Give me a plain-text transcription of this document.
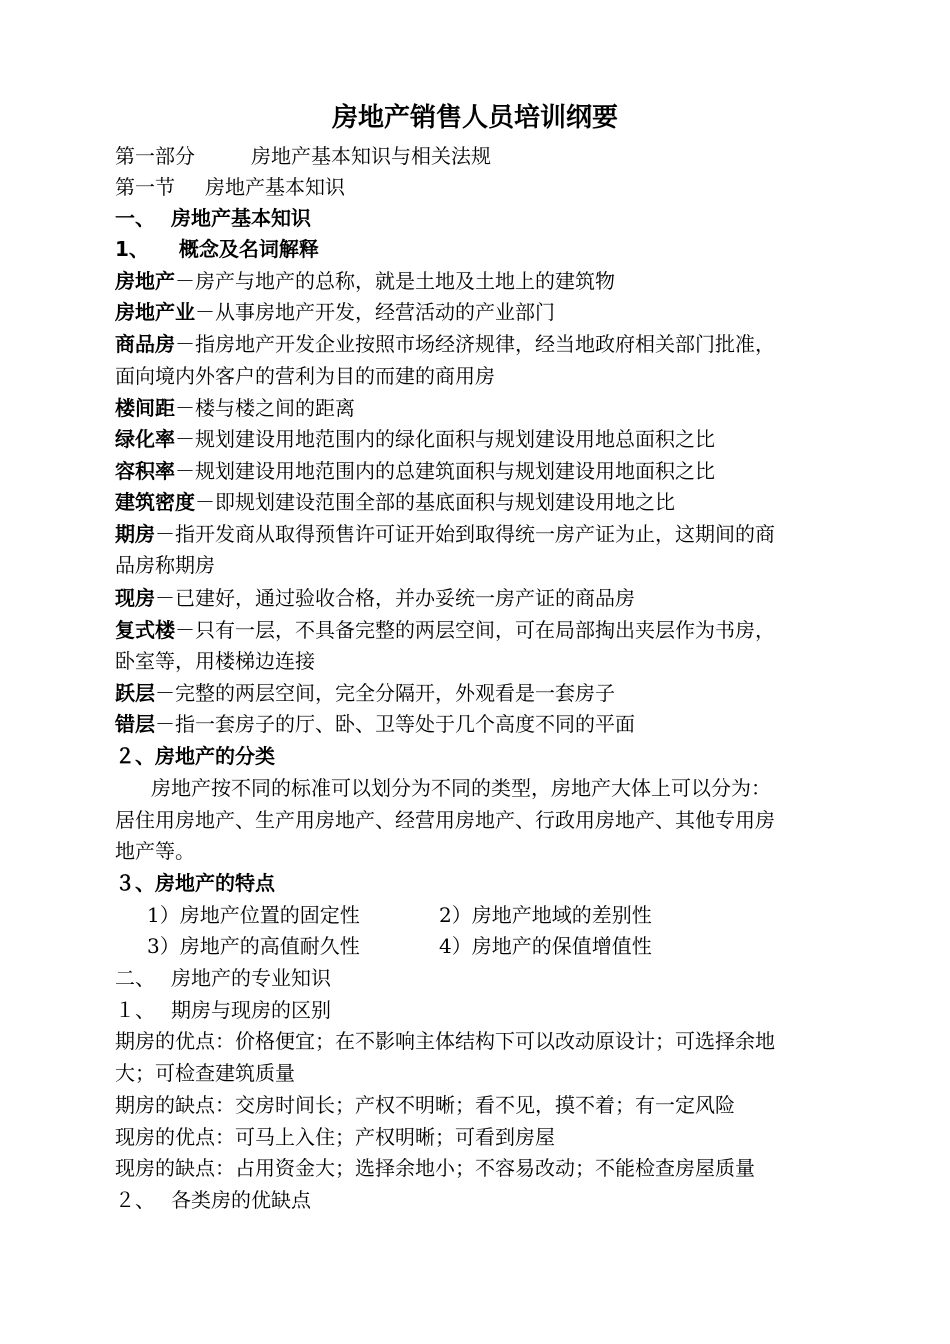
房地产销售人员培训纲要
第一部分	房地产基本知识与相关法规
第一节 房地产基本知识
一、 房地产基本知识
1、 概念及名词解释
房地产－房产与地产的总称，就是土地及土地上的建筑物
房地产业－从事房地产开发，经营活动的产业部门
商品房－指房地产开发企业按照市场经济规律，经当地政府相关部门批准，
面向境内外客户的营利为目的而建的商用房
楼间距－楼与楼之间的距离
绿化率－规划建设用地范围内的绿化面积与规划建设用地总面积之比
容积率－规划建设用地范围内的总建筑面积与规划建设用地面积之比
建筑密度－即规划建设范围全部的基底面积与规划建设用地之比
期房－指开发商从取得预售许可证开始到取得统一房产证为止，这期间的商
品房称期房
现房－已建好，通过验收合格，并办妥统一房产证的商品房
复式楼－只有一层，不具备完整的两层空间，可在局部掏出夹层作为书房，
卧室等，用楼梯边连接
跃层－完整的两层空间，完全分隔开，外观看是一套房子
错层－指一套房子的厅、卧、卫等处于几个高度不同的平面
２、房地产的分类
房地产按不同的标准可以划分为不同的类型，房地产大体上可以分为：
居住用房地产、生产用房地产、经营用房地产、行政用房地产、其他专用房
地产等。
３、房地产的特点
1）房地产位置的固定性	2）房地产地域的差别性
3）房地产的高值耐久性	4）房地产的保值增值性
二、 房地产的专业知识
１、 期房与现房的区别
期房的优点：价格便宜；在不影响主体结构下可以改动原设计；可选择余地
大；可检查建筑质量
期房的缺点：交房时间长；产权不明晰；看不见，摸不着；有一定风险
现房的优点：可马上入住；产权明晰；可看到房屋
现房的缺点：占用资金大；选择余地小；不容易改动；不能检查房屋质量
２、 各类房的优缺点
